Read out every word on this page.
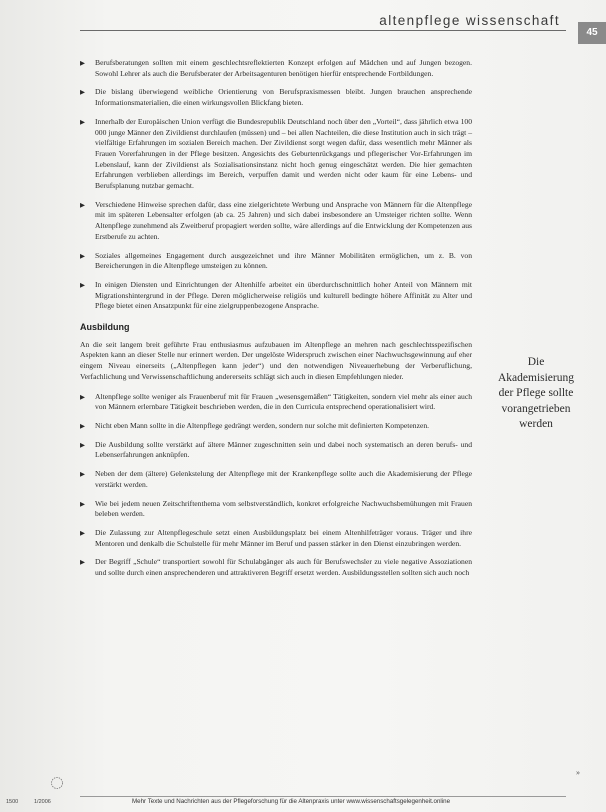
altenpflege wissenschaft
45
▶ Berufsberatungen sollten mit einem geschlechtsreflektierten Konzept erfolgen auf Mädchen und auf Jungen bezogen. Sowohl Lehrer als auch die Berufsberater der Arbeitsagenturen benötigen hierfür entsprechende Fortbildungen.

▶ Die bislang überwiegend weibliche Orientierung von Berufspraxismessen bleibt. Jungen brauchen ansprechende Informationsmaterialien, die einen wirkungsvollen Blickfang bieten.

▶ Innerhalb der Europäischen Union verfügt die Bundesrepublik Deutschland noch über den „Vorteil“, dass jährlich etwa 100 000 junge Männer den Zivildienst durchlaufen (müssen) und – bei allen Nachteilen, die diese Institution auch in sich trägt – vielfältige Erfahrungen im sozialen Bereich machen. Der Zivildienst sorgt wegen dafür, dass wesentlich mehr Männer als Frauen Vorerfahrungen in der Pflege besitzen. Angesichts des Geburtenrückgangs und pflegerischer Vor-Erfahrungen im Lebenslauf, kann der Zivildienst als Sozialisationsinstanz nicht hoch genug eingeschätzt werden. Die hier gemachten Erfahrungen verblieben allerdings im Bereich, verpuffen damit und werden nicht oder kaum für eine Lebens- und Berufsplanung nutzbar gemacht.

▶ Verschiedene Hinweise sprechen dafür, dass eine zielgerichtete Werbung und Ansprache von Männern für die Altenpflege mit im späteren Lebensalter erfolgen (ab ca. 25 Jahren) und sich dabei insbesondere an Umsteiger richten sollte. Wenn Altenpflege zunehmend als Zweitberuf propagiert werden sollte, wäre allerdings auf die Entwicklung der Kompetenzen aus Erstberufe zu achten.

▶ Soziales allgemeines Engagement durch ausgezeichnet und ihre Männer Mobilitäten ermöglichen, um z. B. von Bereicherungen in die Altenpflege umsteigen zu können.

▶ In einigen Diensten und Einrichtungen der Altenhilfe arbeitet ein überdurchschnittlich hoher Anteil von Männern mit Migrationshintergrund in der Pflege. Deren möglicherweise religiös und kulturell bedingte höhere Affinität zu Alter und Pflege bietet einen Ansatzpunkt für eine zielgruppenbezogene Ansprache.

Ausbildung

An die seit langem breit geführte Frau enthusiasmus aufzubauen im Altenpflege an mehren nach geschlechtsspezifischen Aspekten kann an dieser Stelle nur erinnert werden. Der ungelöste Widerspruch zwischen einer Nachwuchsgewinnung auf eher eingem Niveau einerseits („Altenpflegen kann jeder“) und den notwendigen Niveauerhebung der Verberuflichung, Verfachlichung und Verwissenschaftlichung andererseits schlägt sich auch in diesen Empfehlungen nieder.

▶ Altenpflege sollte weniger als Frauenberuf mit für Frauen „wesensgemäßen“ Tätigkeiten, sondern viel mehr als einer auch von Männern erlernbare Tätigkeit beschrieben werden, die in den Curricula entsprechend operationalisiert wird.

▶ Nicht eben Mann sollte in die Altenpflege gedrängt werden, sondern nur solche mit definierten Kompetenzen.

▶ Die Ausbildung sollte verstärkt auf ältere Männer zugeschnitten sein und dabei noch systematisch an deren berufs- und Lebenserfahrungen anknüpfen.

▶ Neben der dem (ältere) Gelenkstelung der Altenpflege mit der Krankenpflege sollte auch die Akademisierung der Pflege verstärkt werden.

▶ Wie bei jedem neuen Zeitschriftenthema vom selbstverständlich, konkret erfolgreiche Nachwuchsbemühungen mit Frauen beleben werden.

▶ Die Zulassung zur Altenpflegeschule setzt einen Ausbildungsplatz bei einem Altenhilfeträger voraus. Träger und ihre Mentoren und denkalb die Schulstelle für mehr Männer im Beruf und passen stärker in den Dienst einzubringen werden.

▶ Der Begriff „Schule“ transportiert sowohl für Schulabgänger als auch für Berufswechsler zu viele negative Assoziationen und sollte durch einen ansprechenderen und attraktiveren Begriff ersetzt werden. Ausbildungsstellen sollten sich auch noch

Die
Akademisierung
der Pflege sollte
vorangetrieben
werden
»
1500	1/2006	Mehr Texte und Nachrichten aus der Pflegeforschung für die Altenpraxis unter www.wissenschaftsgelegenheit.online
